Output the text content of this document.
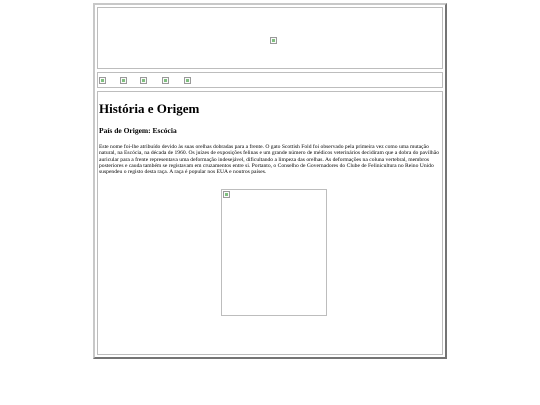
História e Origem
País de Origem: Escócia

Este nome foi-lhe atribuído devido às suas orelhas dobradas para a frente. O gato Scottish Fold foi observado pela primeira vez como uma mutação natural, na Escócia, na década de 1960. Os juízes de exposições felinas e um grande número de médicos veterinários decidiram que a dobra do pavilhão auricular para a frente representava uma deformação indesejável, dificultando a limpeza das orelhas. As deformações na coluna vertebral, membros posteriores e cauda também se registavam em cruzamentos entre si. Portanto, o Conselho de Governadores do Clube de Felinicultura no Reino Unido suspendeu o registo desta raça. A raça é popular nos EUA e noutros países.
